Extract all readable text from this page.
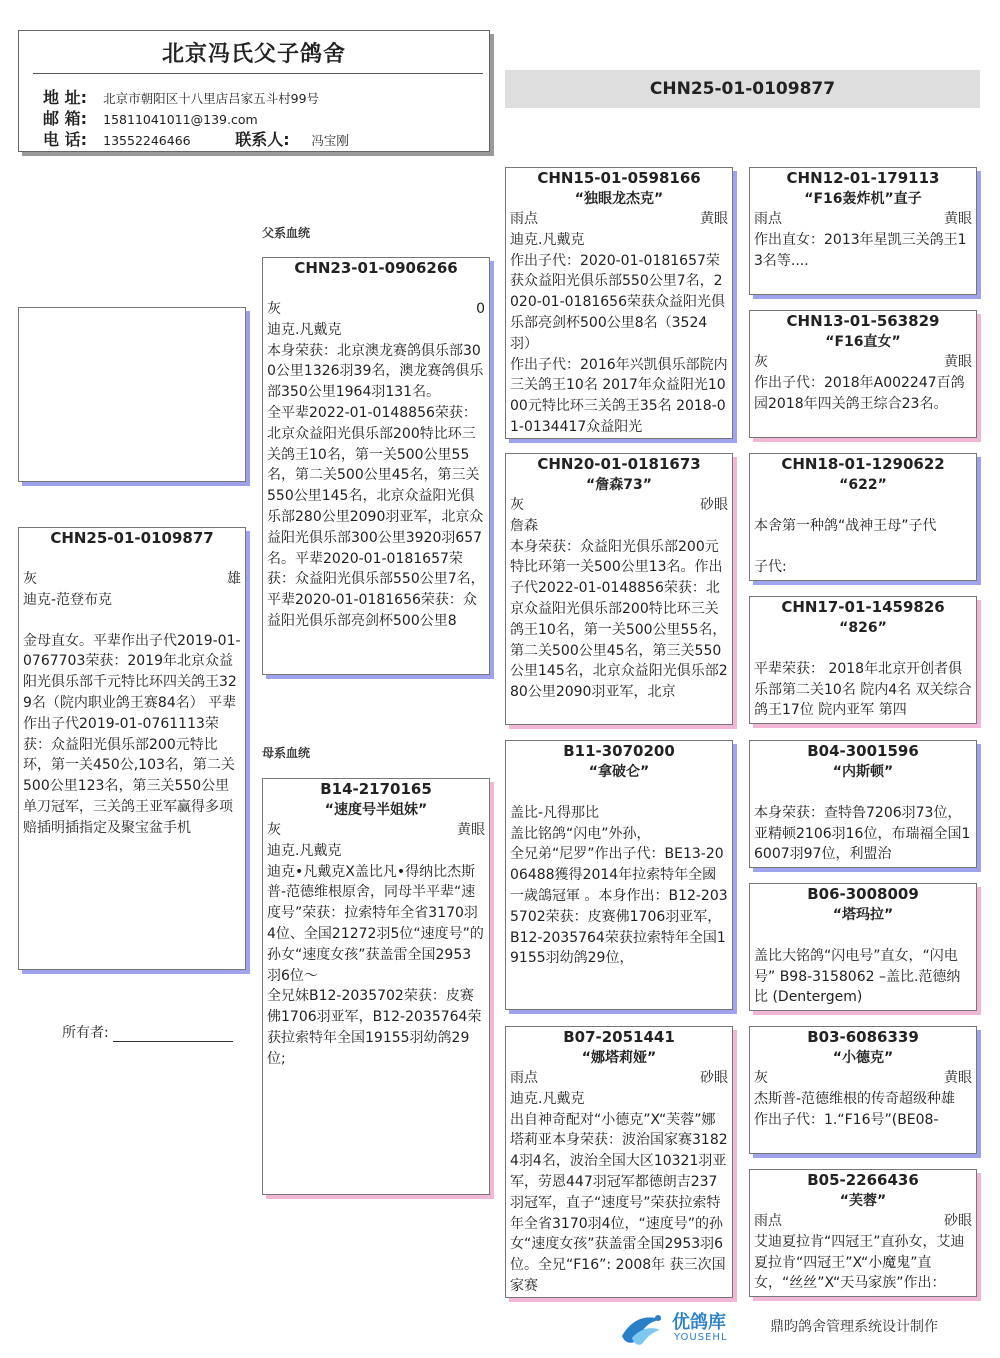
北京冯氏父子鸽舍
地 址: 北京市朝阳区十八里店吕家五斗村99号
邮 箱: 15811041011@139.com
电 话: 13552246466	联系人: 冯宝刚
CHN25-01-0109877
CHN25-01-0109877
灰	雄
迪克-范登布克
金母直女。平辈作出子代2019-01-0767703荣获：2019年北京众益阳光俱乐部千元特比环四关鸽王329名（院内职业鸽王赛84名） 平辈作出子代2019-01-0761113荣获：众益阳光俱乐部200元特比环，第一关450公,103名，第二关500公里123名，第三关550公里单刀冠军，三关鸽王亚军赢得多项赔插明插指定及聚宝盆手机
所有者:
父系血统
母系血统
CHN23-01-0906266
灰	0
迪克.凡戴克
本身荣获：北京澳龙赛鸽俱乐部300公里1326羽39名，澳龙赛鸽俱乐部350公里1964羽131名。
全平辈2022-01-0148856荣获：北京众益阳光俱乐部200特比环三关鸽王10名，第一关500公里55名，第二关500公里45名，第三关550公里145名，北京众益阳光俱乐部280公里2090羽亚军，北京众益阳光俱乐部300公里3920羽657名。平辈2020-01-0181657荣获：众益阳光俱乐部550公里7名，平辈2020-01-0181656荣获：众益阳光俱乐部亮剑杯500公里8
B14-2170165
“速度号半姐妹”
灰	黄眼
迪克.凡戴克
迪克•凡戴克X盖比凡•得纳比杰斯普-范德维根原舍，同母半平辈“速度号”荣获：拉索特年全省3170羽4位、全国21272羽5位“速度号”的孙女“速度女孩”获盖雷全国2953羽6位～
全兄妹B12-2035702荣获：皮赛佛1706羽亚军，B12-2035764荣获拉索特年全国19155羽幼鸽29位;
CHN15-01-0598166
“独眼龙杰克”
雨点	黄眼
迪克.凡戴克
作出子代：2020-01-0181657荣获众益阳光俱乐部550公里7名，2020-01-0181656荣获众益阳光俱乐部亮剑杯500公里8名（3524羽）
作出子代：2016年兴凯俱乐部院内三关鸽王10名 2017年众益阳光1000元特比环三关鸽王35名 2018-01-0134417众益阳光
CHN20-01-0181673
“詹森73”
灰	砂眼
詹森
本身荣获：众益阳光俱乐部200元特比环第一关500公里13名。作出子代2022-01-0148856荣获：北京众益阳光俱乐部200特比环三关鸽王10名，第一关500公里55名，第二关500公里45名，第三关550公里145名，北京众益阳光俱乐部280公里2090羽亚军，北京
B11-3070200
“拿破仑”
盖比-凡得那比
盖比铭鸽“闪电”外孙，
全兄弟“尼罗”作出子代：BE13-2006488獲得2014年拉索特年全國一歲鴿冠軍 。本身作出：B12-2035702荣获：皮赛佛1706羽亚军，B12-2035764荣获拉索特年全国19155羽幼鸽29位，
B07-2051441
“娜塔莉娅”
雨点	砂眼
迪克.凡戴克
出自神奇配对“小德克”X“芙蓉”娜塔莉亚本身荣获：波治国家赛31824羽4名，波治全国大区10321羽亚军，劳恩447羽冠军都德朗吉237羽冠军，直子“速度号”荣获拉索特年全省3170羽4位，“速度号”的孙女“速度女孩”获盖雷全国2953羽6位。全兄“F16”: 2008年 获三次国家赛
CHN12-01-179113
“F16轰炸机”直子
雨点	黄眼
作出直女：2013年星凯三关鸽王13名等....
CHN13-01-563829
“F16直女”
灰	黄眼
作出子代：2018年A002247百鸽园2018年四关鸽王综合23名。
CHN18-01-1290622
“622”
本舍第一种鸽“战神王母”子代

子代:
CHN17-01-1459826
“826”
平辈荣获： 2018年北京开创者俱乐部第二关10名 院内4名 双关综合鸽王17位 院内亚军 第四
B04-3001596
“内斯顿”
本身荣获：查特鲁7206羽73位，亚精顿2106羽16位，布瑞福全国16007羽97位，利盟治
B06-3008009
“塔玛拉”
盖比大铭鸽“闪电号”直女，“闪电号” B98-3158062 –盖比.范德纳比 (Dentergem)
B03-6086339
“小德克”
灰	黄眼
杰斯普-范德维根的传奇超级种雄
作出子代：1.“F16号”(BE08-
B05-2266436
“芙蓉”
雨点	砂眼
艾迪夏拉肯“四冠王”直孙女，艾迪夏拉肯“四冠王”X“小魔鬼”直女，“丝丝”X“天马家族”作出：
优鸽库
YOUSEHL
鼎昀鸽舍管理系统设计制作
